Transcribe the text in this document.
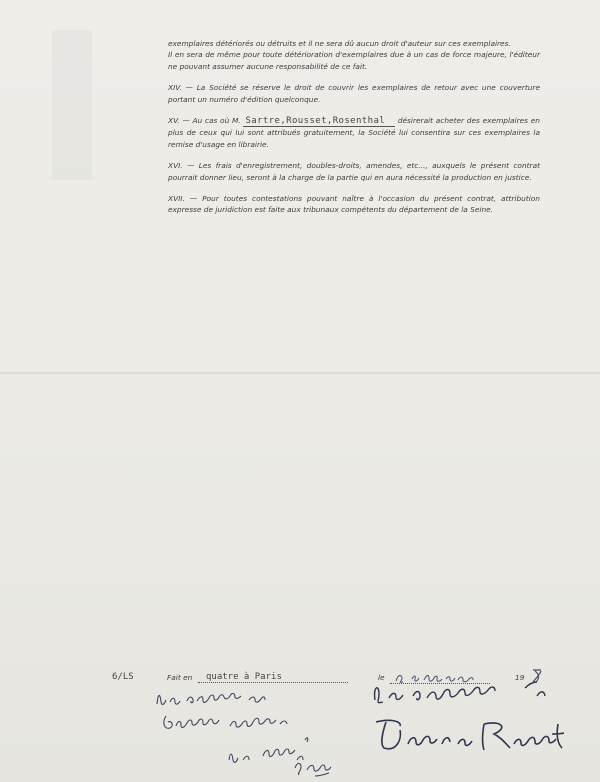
exemplaires détériorés ou détruits et il ne sera dû aucun droit d'auteur sur ces exemplaires.
Il en sera de même pour toute détérioration d'exemplaires due à un cas de force majeure, l'éditeur ne pouvant assumer aucune responsabilité de ce fait.

XIV. — La Société se réserve le droit de couvrir les exemplaires de retour avec une couverture portant un numéro d'édition quelconque.

XV. — Au cas où M. Sartre,Rousset,Rosenthal désirerait acheter des exemplaires en plus de ceux qui lui sont attribués gratuitement, la Société lui consentira sur ces exemplaires la remise d'usage en librairie.

XVI. — Les frais d'enregistrement, doubles-droits, amendes, etc..., auxquels le présent contrat pourrait donner lieu, seront à la charge de la partie qui en aura nécessité la production en justice.

XVII. — Pour toutes contestations pouvant naître à l'occasion du présent contrat, attribution expresse de juridiction est faite aux tribunaux compétents du département de la Seine.

6/LS	Fait en	quatre à Paris	le	19
